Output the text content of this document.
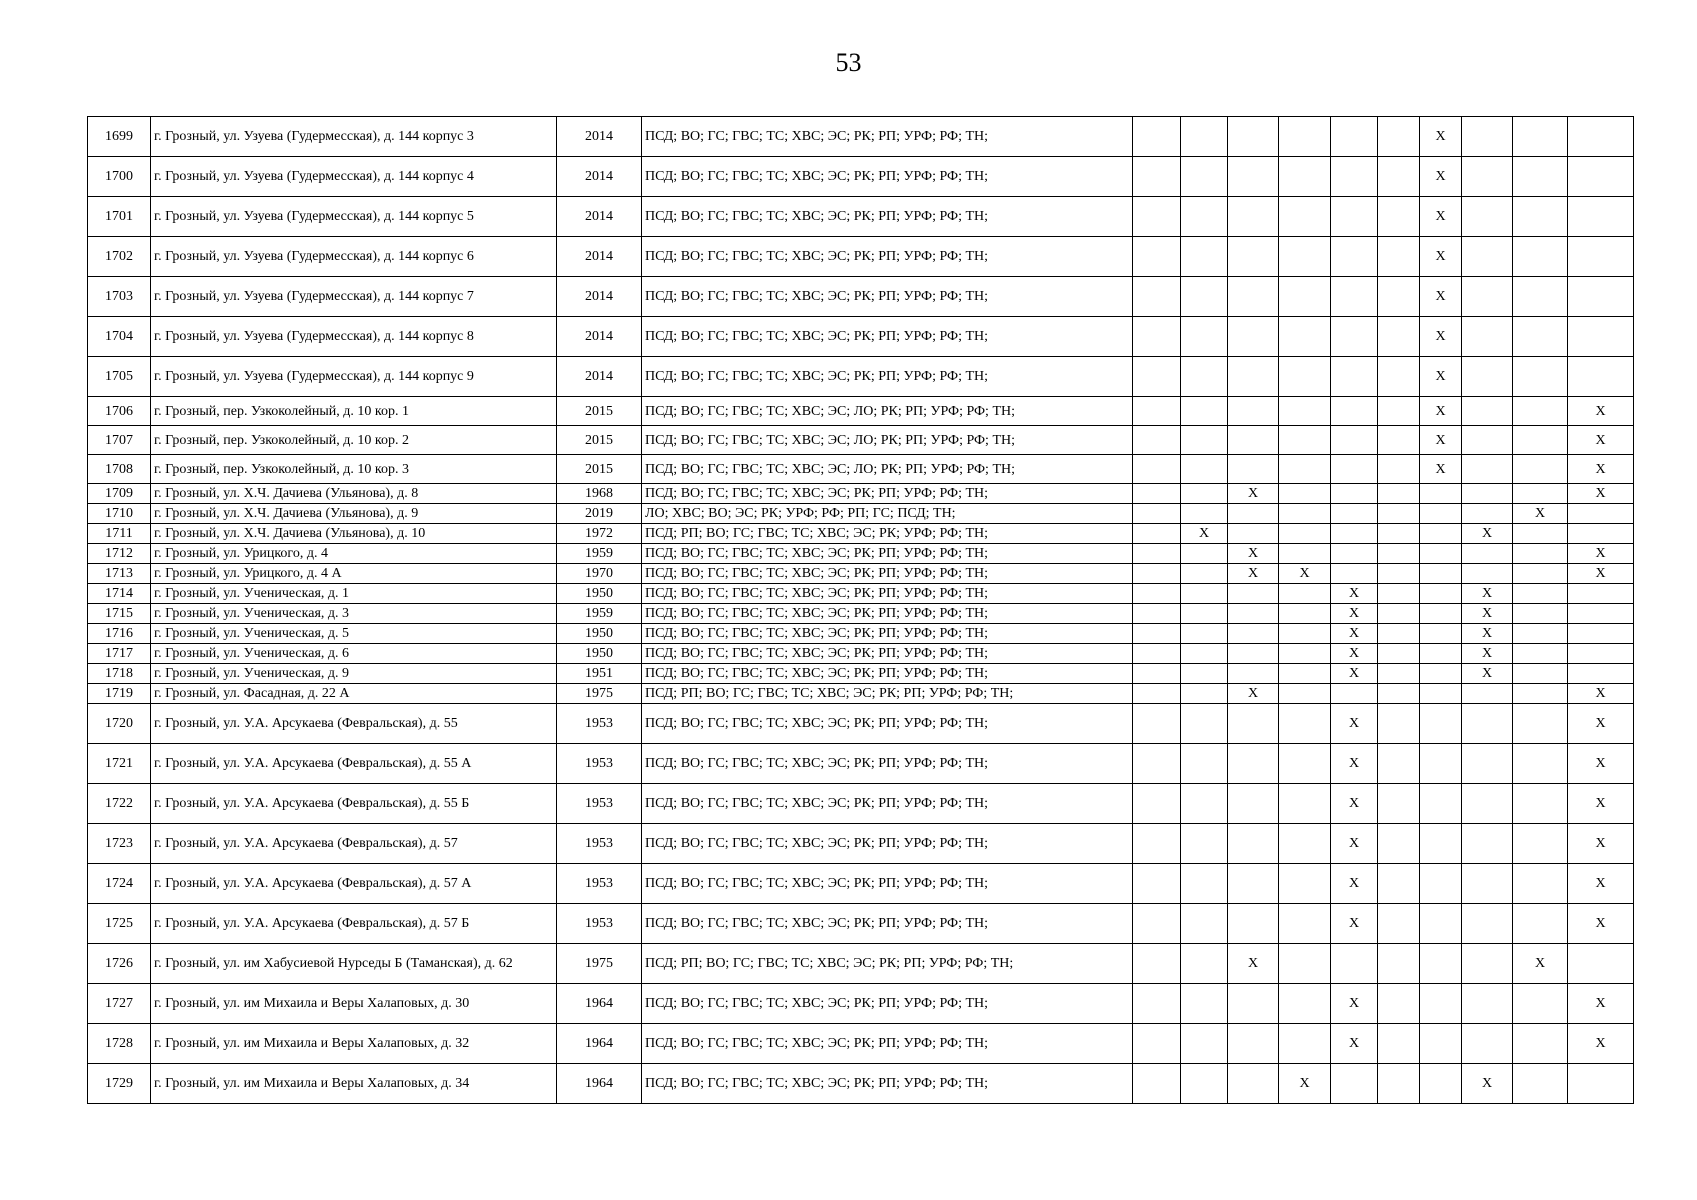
53
1699	г. Грозный, ул. Узуева (Гудермесская), д. 144 корпус 3	2014	ПСД; ВО; ГС; ГВС; ТС; ХВС; ЭС; РК; РП; УРФ; РФ; ТН;							X			
1700	г. Грозный, ул. Узуева (Гудермесская), д. 144 корпус 4	2014	ПСД; ВО; ГС; ГВС; ТС; ХВС; ЭС; РК; РП; УРФ; РФ; ТН;							X			
1701	г. Грозный, ул. Узуева (Гудермесская), д. 144 корпус 5	2014	ПСД; ВО; ГС; ГВС; ТС; ХВС; ЭС; РК; РП; УРФ; РФ; ТН;							X			
1702	г. Грозный, ул. Узуева (Гудермесская), д. 144 корпус 6	2014	ПСД; ВО; ГС; ГВС; ТС; ХВС; ЭС; РК; РП; УРФ; РФ; ТН;							X			
1703	г. Грозный, ул. Узуева (Гудермесская), д. 144 корпус 7	2014	ПСД; ВО; ГС; ГВС; ТС; ХВС; ЭС; РК; РП; УРФ; РФ; ТН;							X			
1704	г. Грозный, ул. Узуева (Гудермесская), д. 144 корпус 8	2014	ПСД; ВО; ГС; ГВС; ТС; ХВС; ЭС; РК; РП; УРФ; РФ; ТН;							X			
1705	г. Грозный, ул. Узуева (Гудермесская), д. 144 корпус 9	2014	ПСД; ВО; ГС; ГВС; ТС; ХВС; ЭС; РК; РП; УРФ; РФ; ТН;							X			
1706	г. Грозный, пер. Узкоколейный, д. 10 кор. 1	2015	ПСД; ВО; ГС; ГВС; ТС; ХВС; ЭС; ЛО; РК; РП; УРФ; РФ; ТН;							X			X
1707	г. Грозный, пер. Узкоколейный, д. 10 кор. 2	2015	ПСД; ВО; ГС; ГВС; ТС; ХВС; ЭС; ЛО; РК; РП; УРФ; РФ; ТН;							X			X
1708	г. Грозный, пер. Узкоколейный, д. 10 кор. 3	2015	ПСД; ВО; ГС; ГВС; ТС; ХВС; ЭС; ЛО; РК; РП; УРФ; РФ; ТН;							X			X
1709	г. Грозный, ул. Х.Ч. Дачиева (Ульянова), д. 8	1968	ПСД; ВО; ГС; ГВС; ТС; ХВС; ЭС; РК; РП; УРФ; РФ; ТН;			X							X
1710	г. Грозный, ул. Х.Ч. Дачиева (Ульянова), д. 9	2019	ЛО; ХВС; ВО; ЭС; РК; УРФ; РФ; РП; ГС; ПСД; ТН;									X	
1711	г. Грозный, ул. Х.Ч. Дачиева (Ульянова), д. 10	1972	ПСД; РП; ВО; ГС; ГВС; ТС; ХВС; ЭС; РК; УРФ; РФ; ТН;		X						X		
1712	г. Грозный, ул. Урицкого, д. 4	1959	ПСД; ВО; ГС; ГВС; ТС; ХВС; ЭС; РК; РП; УРФ; РФ; ТН;			X							X
1713	г. Грозный, ул. Урицкого, д. 4 А	1970	ПСД; ВО; ГС; ГВС; ТС; ХВС; ЭС; РК; РП; УРФ; РФ; ТН;			X	X						X
1714	г. Грозный, ул. Ученическая, д. 1	1950	ПСД; ВО; ГС; ГВС; ТС; ХВС; ЭС; РК; РП; УРФ; РФ; ТН;					X			X		
1715	г. Грозный, ул. Ученическая, д. 3	1959	ПСД; ВО; ГС; ГВС; ТС; ХВС; ЭС; РК; РП; УРФ; РФ; ТН;					X			X		
1716	г. Грозный, ул. Ученическая, д. 5	1950	ПСД; ВО; ГС; ГВС; ТС; ХВС; ЭС; РК; РП; УРФ; РФ; ТН;					X			X		
1717	г. Грозный, ул. Ученическая, д. 6	1950	ПСД; ВО; ГС; ГВС; ТС; ХВС; ЭС; РК; РП; УРФ; РФ; ТН;					X			X		
1718	г. Грозный, ул. Ученическая, д. 9	1951	ПСД; ВО; ГС; ГВС; ТС; ХВС; ЭС; РК; РП; УРФ; РФ; ТН;					X			X		
1719	г. Грозный, ул. Фасадная, д. 22 А	1975	ПСД; РП; ВО; ГС; ГВС; ТС; ХВС; ЭС; РК; РП; УРФ; РФ; ТН;			X							X
1720	г. Грозный, ул. У.А. Арсукаева (Февральская), д. 55	1953	ПСД; ВО; ГС; ГВС; ТС; ХВС; ЭС; РК; РП; УРФ; РФ; ТН;					X					X
1721	г. Грозный, ул. У.А. Арсукаева (Февральская), д. 55 А	1953	ПСД; ВО; ГС; ГВС; ТС; ХВС; ЭС; РК; РП; УРФ; РФ; ТН;					X					X
1722	г. Грозный, ул. У.А. Арсукаева (Февральская), д. 55 Б	1953	ПСД; ВО; ГС; ГВС; ТС; ХВС; ЭС; РК; РП; УРФ; РФ; ТН;					X					X
1723	г. Грозный, ул. У.А. Арсукаева (Февральская), д. 57	1953	ПСД; ВО; ГС; ГВС; ТС; ХВС; ЭС; РК; РП; УРФ; РФ; ТН;					X					X
1724	г. Грозный, ул. У.А. Арсукаева (Февральская), д. 57 А	1953	ПСД; ВО; ГС; ГВС; ТС; ХВС; ЭС; РК; РП; УРФ; РФ; ТН;					X					X
1725	г. Грозный, ул. У.А. Арсукаева (Февральская), д. 57 Б	1953	ПСД; ВО; ГС; ГВС; ТС; ХВС; ЭС; РК; РП; УРФ; РФ; ТН;					X					X
1726	г. Грозный, ул. им Хабусиевой Нурседы Б (Таманская), д. 62	1975	ПСД; РП; ВО; ГС; ГВС; ТС; ХВС; ЭС; РК; РП; УРФ; РФ; ТН;			X						X	
1727	г. Грозный, ул. им Михаила и Веры Халаповых, д. 30	1964	ПСД; ВО; ГС; ГВС; ТС; ХВС; ЭС; РК; РП; УРФ; РФ; ТН;					X					X
1728	г. Грозный, ул. им Михаила и Веры Халаповых, д. 32	1964	ПСД; ВО; ГС; ГВС; ТС; ХВС; ЭС; РК; РП; УРФ; РФ; ТН;					X					X
1729	г. Грозный, ул. им Михаила и Веры Халаповых, д. 34	1964	ПСД; ВО; ГС; ГВС; ТС; ХВС; ЭС; РК; РП; УРФ; РФ; ТН;				X				X		
